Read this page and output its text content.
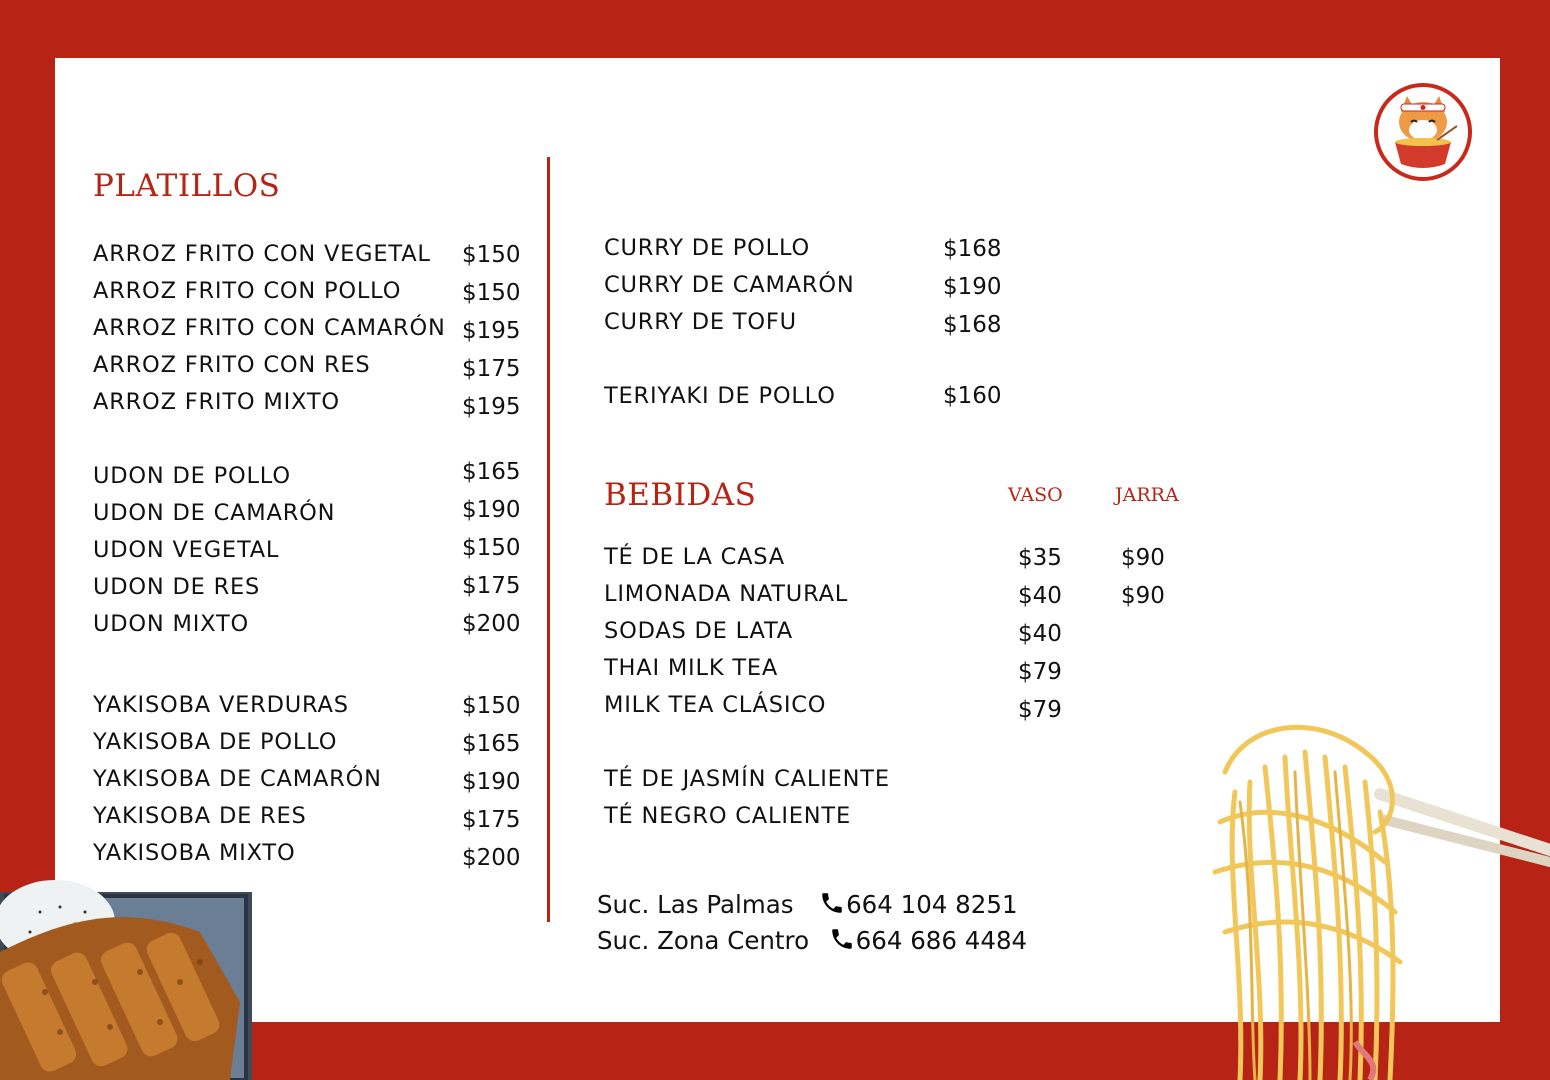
PLATILLOS
ARROZ FRITO CON VEGETAL $150
ARROZ FRITO CON POLLO	$150
ARROZ FRITO CON CAMARÓN $195
ARROZ FRITO CON RES	$175
ARROZ FRITO MIXTO	$195
UDON DE POLLO	$165
UDON DE CAMARÓN	$190
UDON VEGETAL	$150
UDON DE RES	$175
UDON MIXTO	$200
YAKISOBA VERDURAS	$150
YAKISOBA DE POLLO	$165
YAKISOBA DE CAMARÓN	$190
YAKISOBA DE RES	$175
YAKISOBA MIXTO	$200
CURRY DE POLLO	$168
CURRY DE CAMARÓN	$190
CURRY DE TOFU	$168
TERIYAKI DE POLLO	$160
BEBIDAS	VASO	JARRA
TÉ DE LA CASA	$35	$90
LIMONADA NATURAL	$40	$90
SODAS DE LATA	$40
THAI MILK TEA	$79
MILK TEA CLÁSICO	$79
TÉ DE JASMÍN CALIENTE
TÉ NEGRO CALIENTE
Suc. Las Palmas 664 104 8251
Suc. Zona Centro 664 686 4484
